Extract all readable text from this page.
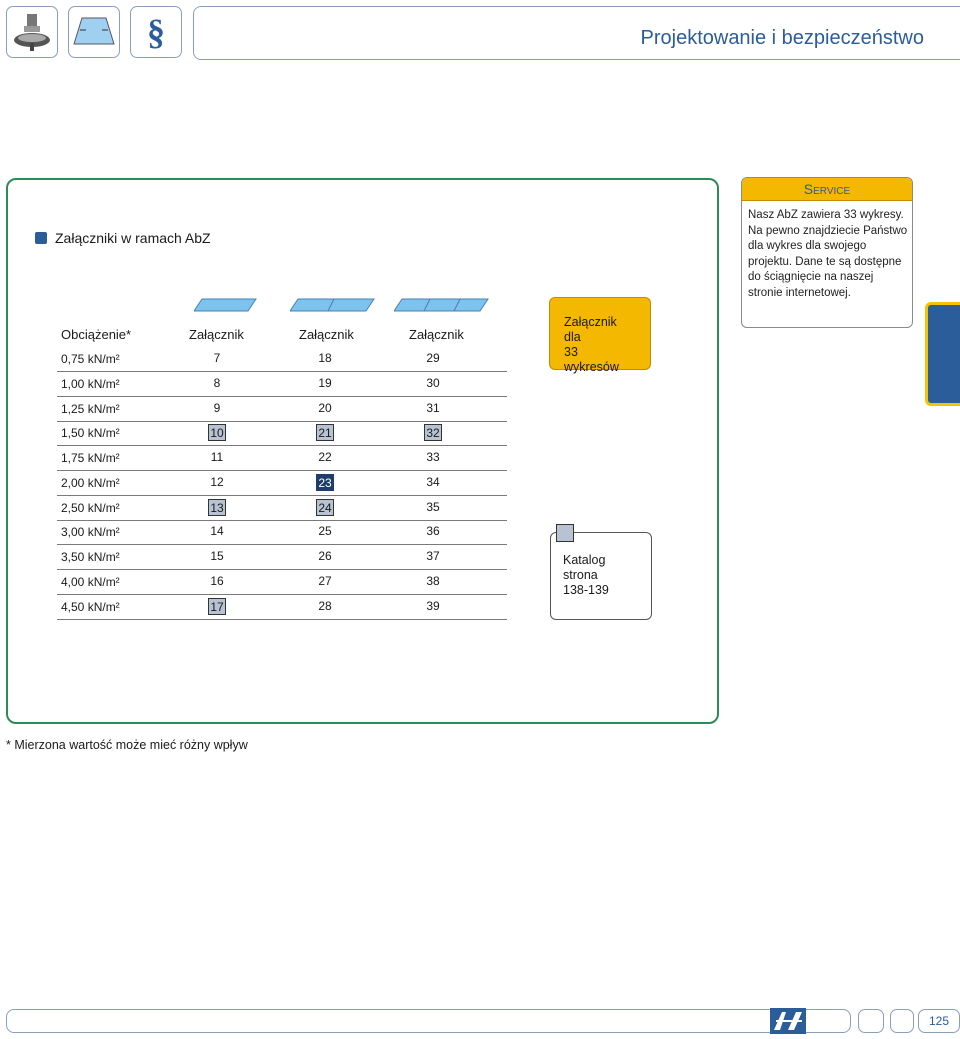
§	Projektowanie i bezpieczeństwo
Załączniki w ramach AbZ
Obciążenie*	Załącznik	Załącznik	Załącznik
0,75 kN/m²	7	18	29
1,00 kN/m²	8	19	30
1,25 kN/m²	9	20	31
1,50 kN/m²	10	21	32
1,75 kN/m²	11	22	33
2,00 kN/m²	12	23	34
2,50 kN/m²	13	24	35
3,00 kN/m²	14	25	36
3,50 kN/m²	15	26	37
4,00 kN/m²	16	27	38
4,50 kN/m²	17	28	39
Załącznik dla
33 wykresów
Katalog strona
138-139
Service
Nasz AbZ zawiera 33 wykresy. Na pewno znajdziecie Państwo dla wykres dla swojego projektu. Dane te są dostępne do ściągnięcie na naszej stronie internetowej.
* Mierzona wartość może mieć różny wpływ
125
